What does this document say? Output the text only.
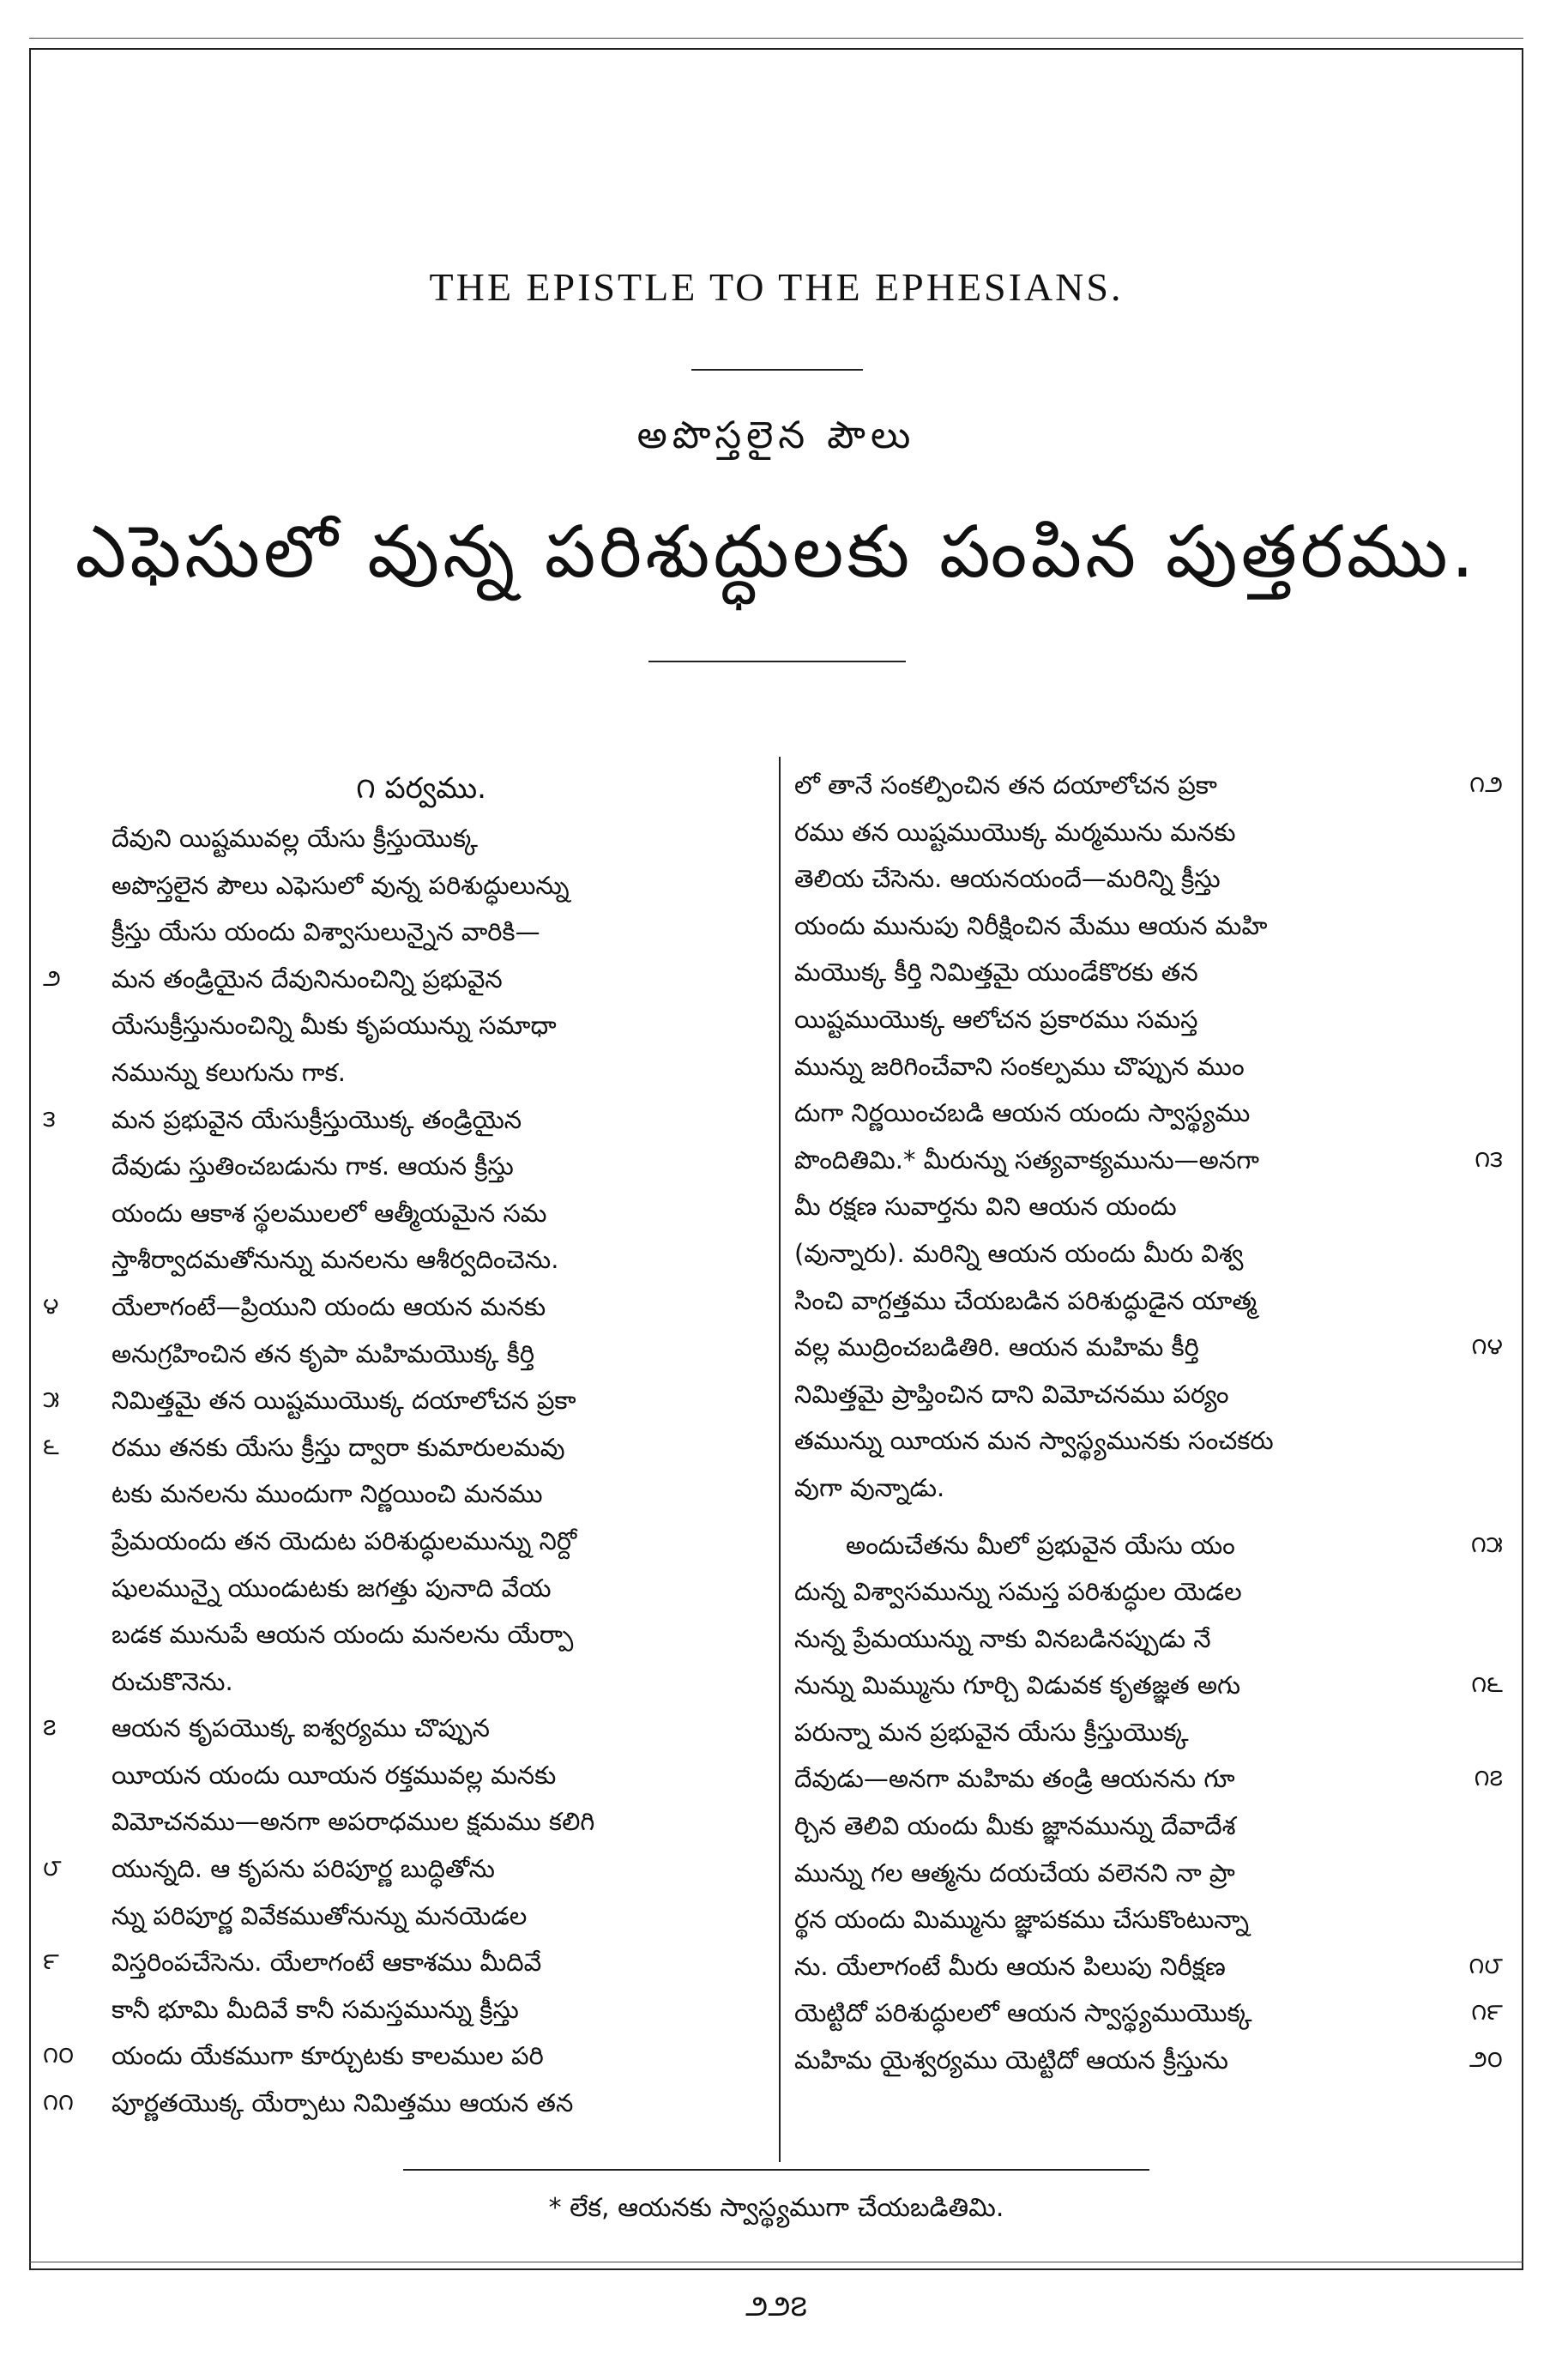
THE EPISTLE TO THE EPHESIANS.
అపొస్తలైన పౌలు
ఎఫెసులో వున్న పరిశుద్ధులకు పంపిన పుత్తరము.
౧ పర్వము.
దేవుని యిష్టమువల్ల యేసు క్రీస్తుయొక్క
అపొస్తలైన పౌలు ఎఫెసులో వున్న పరిశుద్ధులున్ను
క్రీస్తు యేసు యందు విశ్వాసులున్నైన వారికి—
౨	మన తండ్రియైన దేవునినుంచిన్ని ప్రభువైన
యేసుక్రీస్తునుంచిన్ని మీకు కృపయున్ను సమాధా
నమున్ను కలుగును గాక.
౩	మన ప్రభువైన యేసుక్రీస్తుయొక్క తండ్రియైన
దేవుడు స్తుతించబడును గాక. ఆయన క్రీస్తు
యందు ఆకాశ స్థలములలో ఆత్మీయమైన సమ
స్తాశీర్వాదమతోనున్ను మనలను ఆశీర్వదించెను.
౪	యేలాగంటే—ప్రియుని యందు ఆయన మనకు
అనుగ్రహించిన తన కృపా మహిమయొక్క కీర్తి
౫	నిమిత్తమై తన యిష్టముయొక్క దయాలోచన ప్రకా
౬	రము తనకు యేసు క్రీస్తు ద్వారా కుమారులమవు
టకు మనలను ముందుగా నిర్ణయించి మనము
ప్రేమయందు తన యెదుట పరిశుద్ధులమున్ను నిర్దో
షులమున్నై యుండుటకు జగత్తు పునాది వేయ
బడక మునుపే ఆయన యందు మనలను యేర్పా
రుచుకొనెను.
౭	ఆయన కృపయొక్క ఐశ్వర్యము చొప్పున
యీయన యందు యీయన రక్తమువల్ల మనకు
విమోచనము—అనగా అపరాధముల క్షమము కలిగి
౮	యున్నది. ఆ కృపను పరిపూర్ణ బుద్ధితోను
న్ను పరిపూర్ణ వివేకముతోనున్ను మనయెడల
౯	విస్తరింపచేసెను. యేలాగంటే ఆకాశము మీదివే
కానీ భూమి మీదివే కానీ సమస్తమున్ను క్రీస్తు
౧౦	యందు యేకముగా కూర్చుటకు కాలముల పరి
౧౧	పూర్ణతయొక్క యేర్పాటు నిమిత్తము ఆయన తన
౧౨
లో తానే సంకల్పించిన తన దయాలోచన ప్రకా
రము తన యిష్టముయొక్క మర్మమును మనకు
తెలియ చేసెను. ఆయనయందే—మరిన్ని క్రీస్తు
యందు మునుపు నిరీక్షించిన మేము ఆయన మహి
మయొక్క కీర్తి నిమిత్తమై యుండేకొరకు తన
యిష్టముయొక్క ఆలోచన ప్రకారము సమస్త
మున్ను జరిగించేవాని సంకల్పము చొప్పున ముం
దుగా నిర్ణయించబడి ఆయన యందు స్వాస్థ్యము
౧౩
పొందితిమి.* మీరున్ను సత్యవాక్యమును—అనగా
మీ రక్షణ సువార్తను విని ఆయన యందు
(వున్నారు). మరిన్ని ఆయన యందు మీరు విశ్వ
సించి వాగ్దత్తము చేయబడిన పరిశుద్ధుడైన యాత్మ
౧౪
వల్ల ముద్రించబడితిరి. ఆయన మహిమ కీర్తి
నిమిత్తమై ప్రాప్తించిన దాని విమోచనము పర్యం
తమున్ను యీయన మన స్వాస్థ్యమునకు సంచకరు
వుగా వున్నాడు.
౧౫
అందుచేతను మీలో ప్రభువైన యేసు యం
దున్న విశ్వాసమున్ను సమస్త పరిశుద్ధుల యెడల
నున్న ప్రేమయున్ను నాకు వినబడినప్పుడు నే
౧౬
నున్ను మిమ్మును గూర్చి విడువక కృతజ్ఞత అగు
పరున్నా మన ప్రభువైన యేసు క్రీస్తుయొక్క
౧౭
దేవుడు—అనగా మహిమ తండ్రి ఆయనను గూ
ర్చిన తెలివి యందు మీకు జ్ఞానమున్ను దేవాదేశ
మున్ను గల ఆత్మను దయచేయ వలెనని నా ప్రా
ర్థన యందు మిమ్మును జ్ఞాపకము చేసుకొంటున్నా
౧౮
ను. యేలాగంటే మీరు ఆయన పిలుపు నిరీక్షణ
౧౯
యెట్టిదో పరిశుద్ధులలో ఆయన స్వాస్థ్యముయొక్క
౨౦
మహిమ యైశ్వర్యము యెట్టిదో ఆయన క్రీస్తును
* లేక, ఆయనకు స్వాస్థ్యముగా చేయబడితిమి.
౨౨౭
